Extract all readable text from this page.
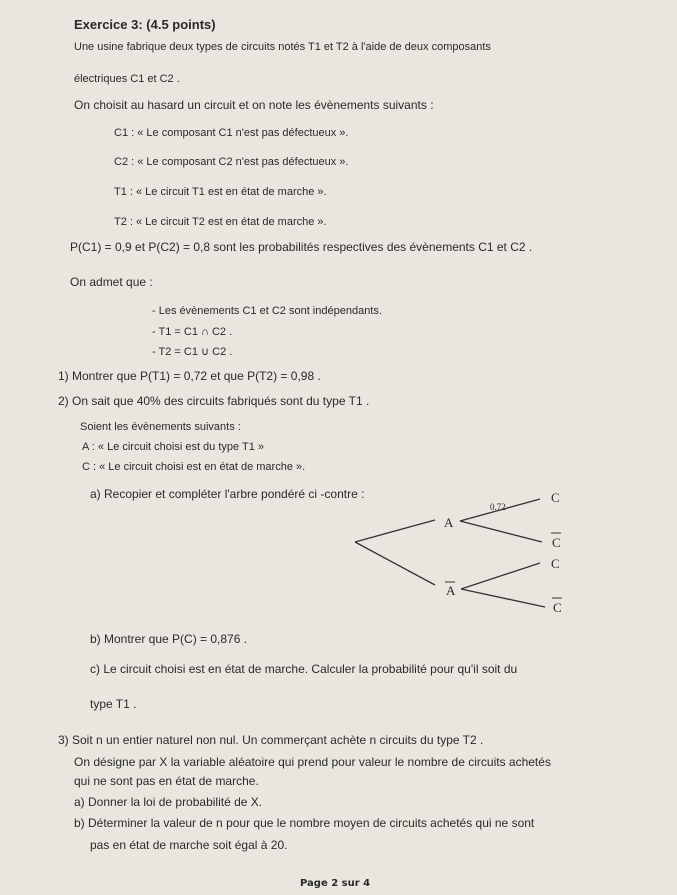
Exercice 3: (4.5 points)
Une usine fabrique deux types de circuits notés T1 et T2 à l'aide de deux composants
électriques C1 et C2 .
On choisit au hasard un circuit et on note les évènements suivants :
C1 : « Le composant C1 n'est pas défectueux ».
C2 : « Le composant C2 n'est pas défectueux ».
T1 : « Le circuit T1 est en état de marche ».
T2 : « Le circuit T2 est en état de marche ».
P(C1) = 0,9 et P(C2) = 0,8 sont les probabilités respectives des évènements C1 et C2 .
On admet que :
- Les évènements C1 et C2 sont indépendants.
- T1 = C1 ∩ C2 .
- T2 = C1 ∪ C2 .
1) Montrer que P(T1) = 0,72 et que P(T2) = 0,98 .
2) On sait que 40% des circuits fabriqués sont du type T1 .
Soient les évènements suivants :
A : « Le circuit choisi est du type T1 »
C : « Le circuit choisi est en état de marche ».
a) Recopier et compléter l'arbre pondéré ci -contre :
A
A
0.72
C
C
C
C
b) Montrer que P(C) = 0,876 .
c) Le circuit choisi est en état de marche. Calculer la probabilité pour qu'il soit du
type T1 .
3) Soit n un entier naturel non nul. Un commerçant achète n circuits du type T2 .
On désigne par X la variable aléatoire qui prend pour valeur le nombre de circuits achetés
qui ne sont pas en état de marche.
a) Donner la loi de probabilité de X.
b) Déterminer la valeur de n pour que le nombre moyen de circuits achetés qui ne sont
pas en état de marche soit égal à 20.
Page 2 sur 4
